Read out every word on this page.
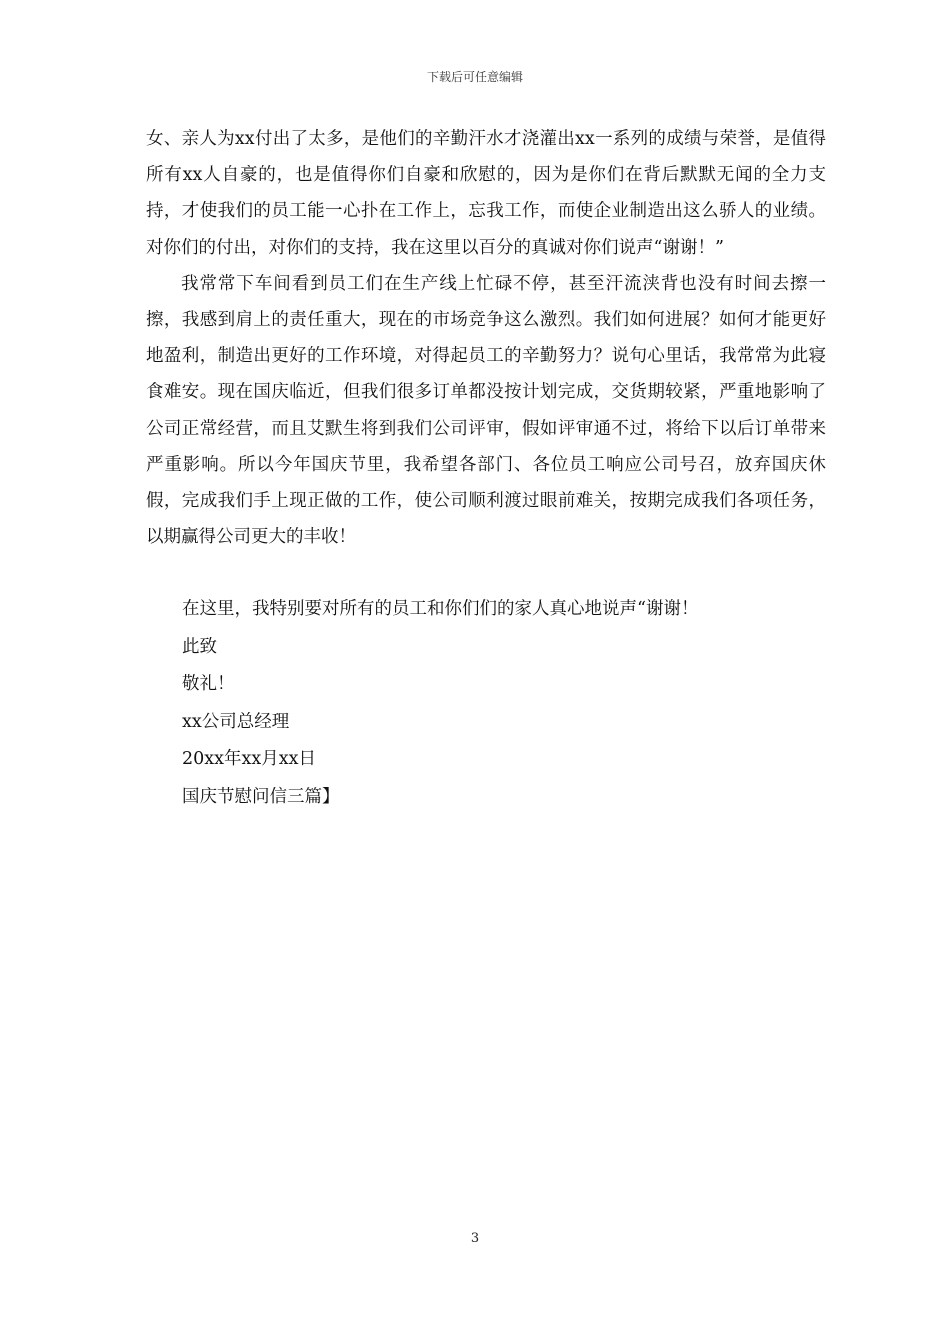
下载后可任意编辑

女、亲人为xx付出了太多，是他们的辛勤汗水才浇灌出xx一系列的成绩与荣誉，是值得所有xx人自豪的，也是值得你们自豪和欣慰的，因为是你们在背后默默无闻的全力支持，才使我们的员工能一心扑在工作上，忘我工作，而使企业制造出这么骄人的业绩。对你们的付出，对你们的支持，我在这里以百分的真诚对你们说声“谢谢！”

我常常下车间看到员工们在生产线上忙碌不停，甚至汗流浃背也没有时间去擦一擦，我感到肩上的责任重大，现在的市场竞争这么激烈。我们如何进展？如何才能更好地盈利，制造出更好的工作环境，对得起员工的辛勤努力？说句心里话，我常常为此寝食难安。现在国庆临近，但我们很多订单都没按计划完成，交货期较紧，严重地影响了公司正常经营，而且艾默生将到我们公司评审，假如评审通不过，将给下以后订单带来严重影响。所以今年国庆节里，我希望各部门、各位员工响应公司号召，放弃国庆休假，完成我们手上现正做的工作，使公司顺利渡过眼前难关，按期完成我们各项任务，以期赢得公司更大的丰收！

在这里，我特别要对所有的员工和你们们的家人真心地说声“谢谢！

此致

敬礼！

xx公司总经理

20xx年xx月xx日

国庆节慰问信三篇】

3
